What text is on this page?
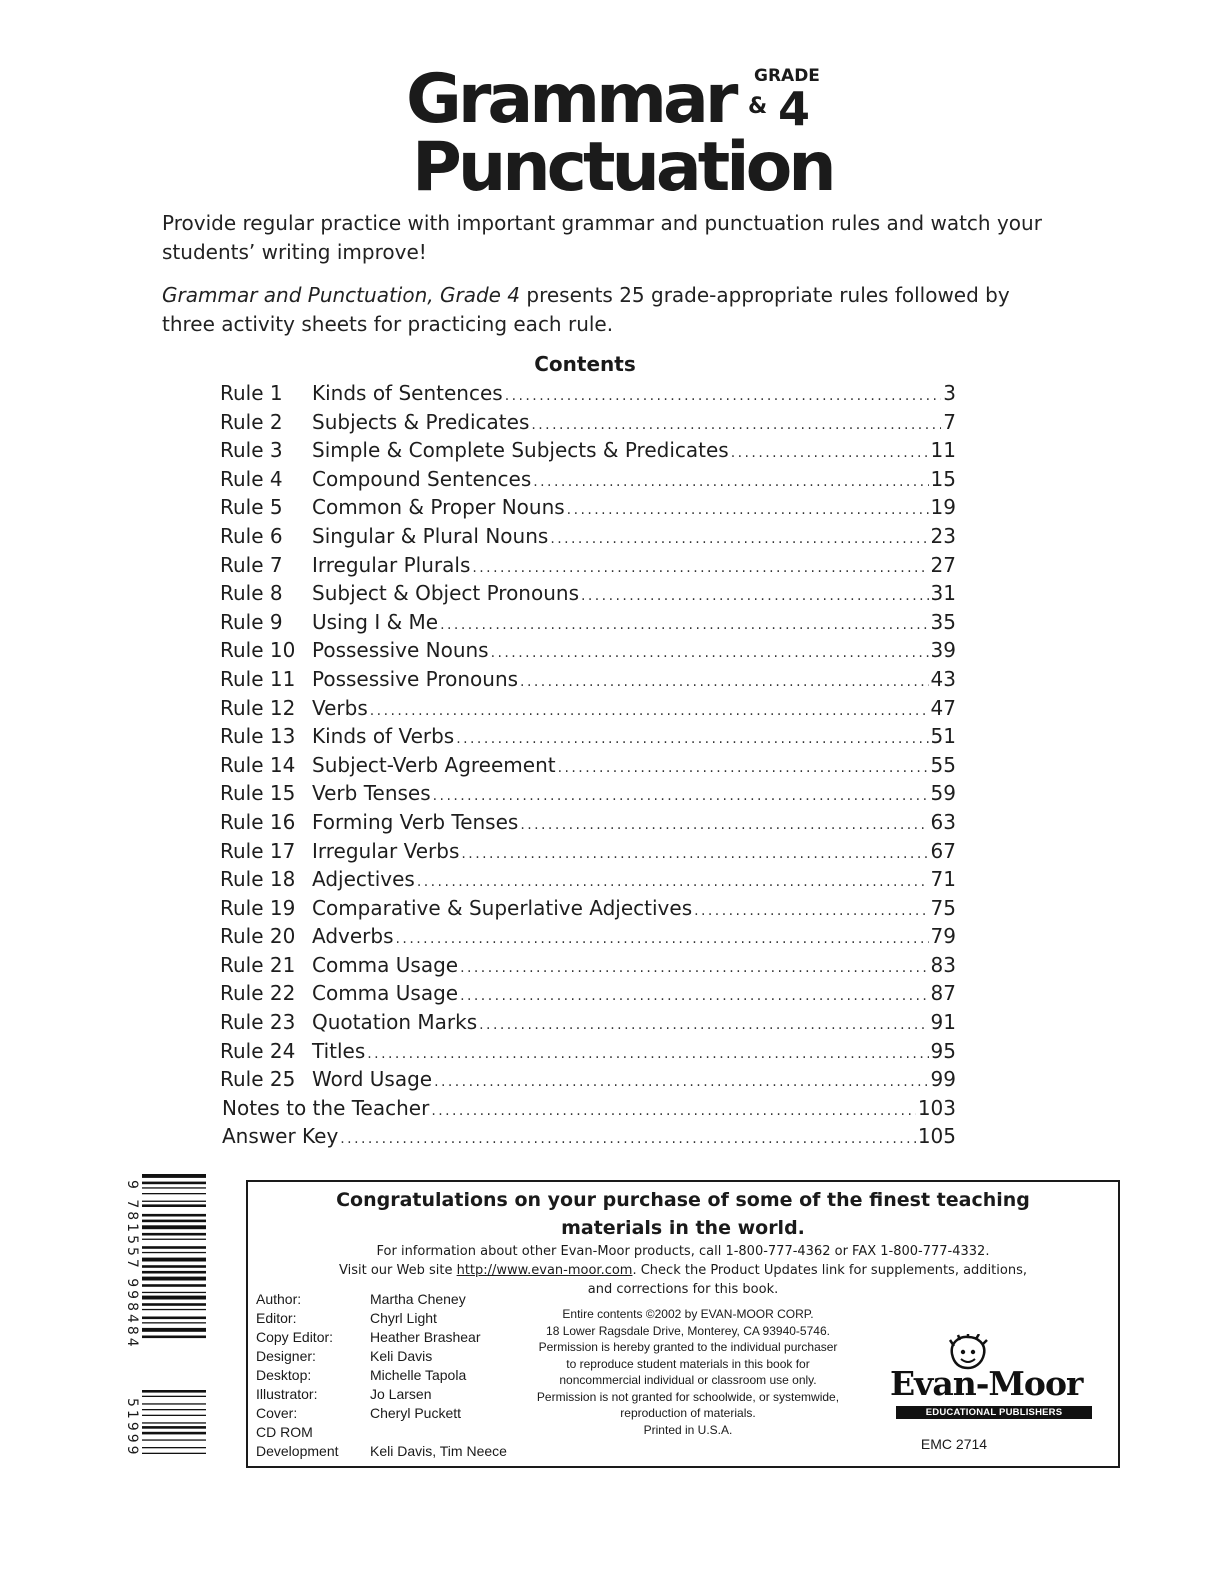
Grammar GRADE
& 4
Punctuation

Provide regular practice with important grammar and punctuation rules and watch your students’ writing improve!

Grammar and Punctuation, Grade 4 presents 25 grade-appropriate rules followed by three activity sheets for practicing each rule.

Contents
Rule 1	Kinds of Sentences . . .	3
Rule 2	Subjects & Predicates . . .	7
Rule 3	Simple & Complete Subjects & Predicates . . .	11
Rule 4	Compound Sentences . . .	15
Rule 5	Common & Proper Nouns . . .	19
Rule 6	Singular & Plural Nouns . . .	23
Rule 7	Irregular Plurals . . .	27
Rule 8	Subject & Object Pronouns . . .	31
Rule 9	Using I & Me . . .	35
Rule 10 Possessive Nouns . . .	39
Rule 11 Possessive Pronouns . . .	43
Rule 12 Verbs . . .	47
Rule 13 Kinds of Verbs . . .	51
Rule 14 Subject-Verb Agreement . . .	55
Rule 15 Verb Tenses . . .	59
Rule 16 Forming Verb Tenses . . .	63
Rule 17 Irregular Verbs . . .	67
Rule 18 Adjectives . . .	71
Rule 19 Comparative & Superlative Adjectives . . .	75
Rule 20 Adverbs . . .	79
Rule 21 Comma Usage . . .	83
Rule 22 Comma Usage . . .	87
Rule 23 Quotation Marks . . .	91
Rule 24 Titles . . .	95
Rule 25 Word Usage . . .	99
Notes to the Teacher . . .	103
Answer Key . . .	105
9 781557 998484
51999
Congratulations on your purchase of some of the finest teaching materials in the world.
For information about other Evan-Moor products, call 1-800-777-4362 or FAX 1-800-777-4332.
Visit our Web site http://www.evan-moor.com. Check the Product Updates link for supplements, additions,
and corrections for this book.
Author:	Martha Cheney
Editor:	Chyrl Light
Copy Editor:	Heather Brashear
Designer:	Keli Davis
Desktop:	Michelle Tapola
Illustrator:	Jo Larsen
Cover:	Cheryl Puckett
CD ROM
Development	Keli Davis, Tim Neece
Entire contents ©2002 by EVAN-MOOR CORP.
18 Lower Ragsdale Drive, Monterey, CA 93940-5746.
Permission is hereby granted to the individual purchaser
to reproduce student materials in this book for
noncommercial individual or classroom use only.
Permission is not granted for schoolwide, or systemwide,
reproduction of materials.
Printed in U.S.A.
Evan-Moor
EDUCATIONAL PUBLISHERS
EMC 2714
